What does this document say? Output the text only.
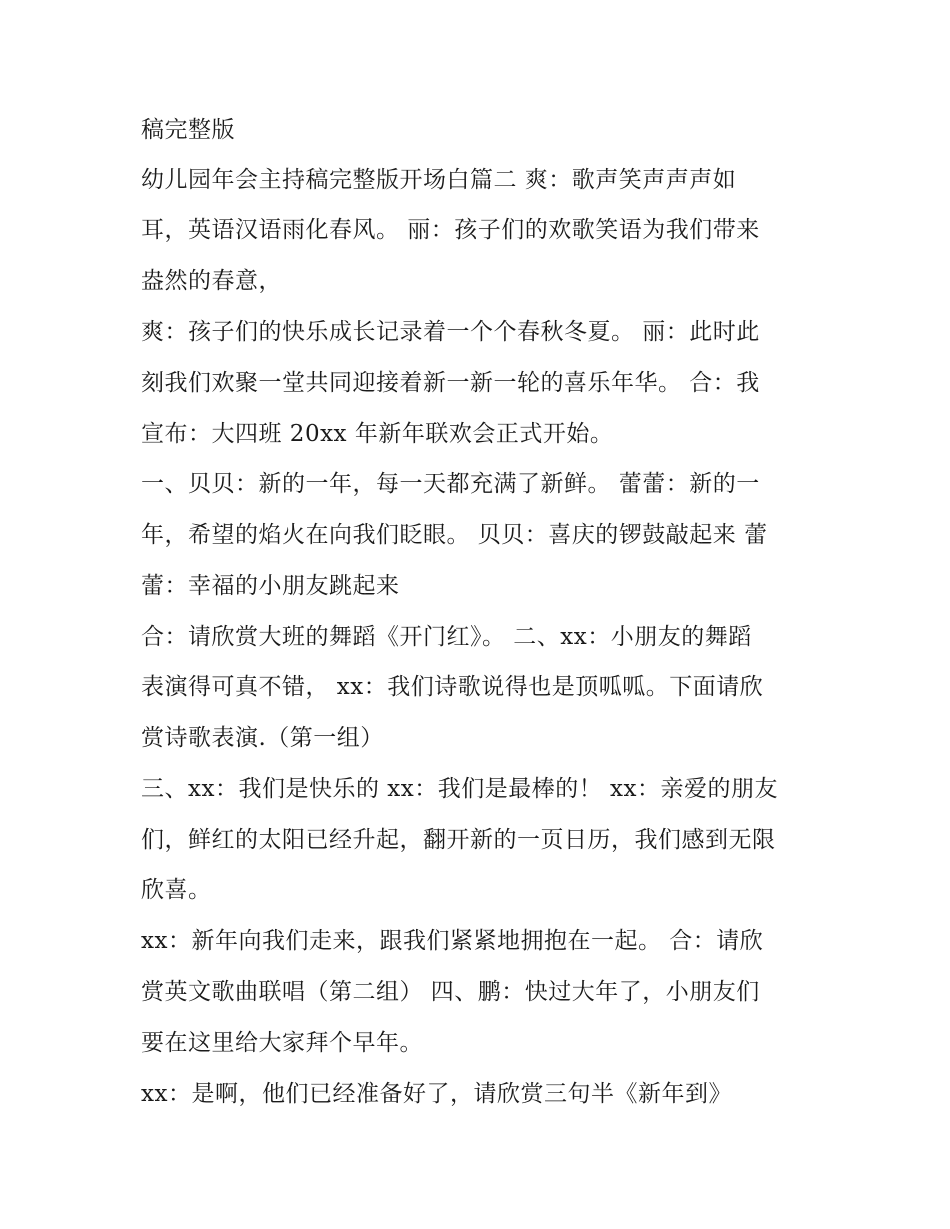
稿完整版

幼儿园年会主持稿完整版开场白篇二 爽：歌声笑声声声如

耳，英语汉语雨化春风。 丽：孩子们的欢歌笑语为我们带来

盎然的春意，

爽：孩子们的快乐成长记录着一个个春秋冬夏。 丽：此时此

刻我们欢聚一堂共同迎接着新一新一轮的喜乐年华。 合：我

宣布：大四班 20xx 年新年联欢会正式开始。

一、贝贝：新的一年，每一天都充满了新鲜。 蕾蕾：新的一

年，希望的焰火在向我们眨眼。 贝贝：喜庆的锣鼓敲起来 蕾

蕾：幸福的小朋友跳起来

合：请欣赏大班的舞蹈《开门红》。 二、xx：小朋友的舞蹈

表演得可真不错， xx：我们诗歌说得也是顶呱呱。下面请欣

赏诗歌表演.（第一组）

三、xx：我们是快乐的 xx：我们是最棒的！ xx：亲爱的朋友

们，鲜红的太阳已经升起，翻开新的一页日历，我们感到无限

欣喜。

xx：新年向我们走来，跟我们紧紧地拥抱在一起。 合：请欣

赏英文歌曲联唱（第二组） 四、鹏：快过大年了，小朋友们

要在这里给大家拜个早年。

xx：是啊，他们已经准备好了，请欣赏三句半《新年到》
